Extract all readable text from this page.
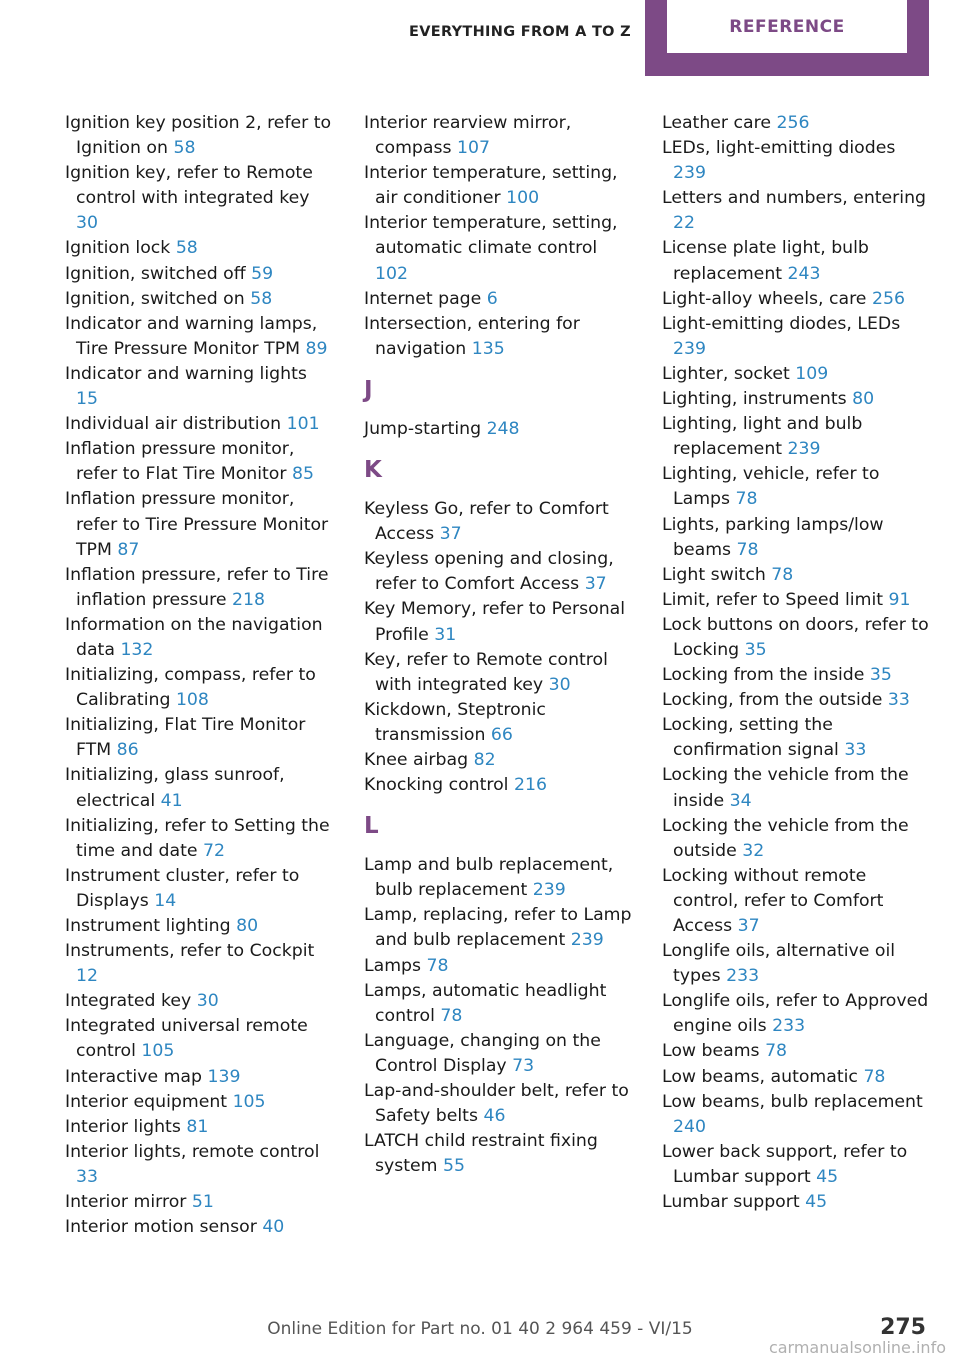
EVERYTHING FROM A TO Z	REFERENCE
Ignition key position 2, refer to Ignition on 58
Ignition key, refer to Remote control with integrated key 30
Ignition lock 58
Ignition, switched off 59
Ignition, switched on 58
Indicator and warning lamps, Tire Pressure Monitor TPM 89
Indicator and warning lights 15
Individual air distribution 101
Inflation pressure monitor, refer to Flat Tire Monitor 85
Inflation pressure monitor, refer to Tire Pressure Monitor TPM 87
Inflation pressure, refer to Tire inflation pressure 218
Information on the navigation data 132
Initializing, compass, refer to Calibrating 108
Initializing, Flat Tire Monitor FTM 86
Initializing, glass sunroof, electrical 41
Initializing, refer to Setting the time and date 72
Instrument cluster, refer to Displays 14
Instrument lighting 80
Instruments, refer to Cockpit 12
Integrated key 30
Integrated universal remote control 105
Interactive map 139
Interior equipment 105
Interior lights 81
Interior lights, remote control 33
Interior mirror 51
Interior motion sensor 40
Interior rearview mirror, compass 107
Interior temperature, setting, air conditioner 100
Interior temperature, setting, automatic climate control 102
Internet page 6
Intersection, entering for navigation 135
J
Jump-starting 248
K
Keyless Go, refer to Comfort Access 37
Keyless opening and closing, refer to Comfort Access 37
Key Memory, refer to Personal Profile 31
Key, refer to Remote control with integrated key 30
Kickdown, Steptronic transmission 66
Knee airbag 82
Knocking control 216
L
Lamp and bulb replacement, bulb replacement 239
Lamp, replacing, refer to Lamp and bulb replacement 239
Lamps 78
Lamps, automatic headlight control 78
Language, changing on the Control Display 73
Lap-and-shoulder belt, refer to Safety belts 46
LATCH child restraint fixing system 55
Leather care 256
LEDs, light-emitting diodes 239
Letters and numbers, entering 22
License plate light, bulb replacement 243
Light-alloy wheels, care 256
Light-emitting diodes, LEDs 239
Lighter, socket 109
Lighting, instruments 80
Lighting, light and bulb replacement 239
Lighting, vehicle, refer to Lamps 78
Lights, parking lamps/low beams 78
Light switch 78
Limit, refer to Speed limit 91
Lock buttons on doors, refer to Locking 35
Locking from the inside 35
Locking, from the outside 33
Locking, setting the confirmation signal 33
Locking the vehicle from the inside 34
Locking the vehicle from the outside 32
Locking without remote control, refer to Comfort Access 37
Longlife oils, alternative oil types 233
Longlife oils, refer to Approved engine oils 233
Low beams 78
Low beams, automatic 78
Low beams, bulb replacement 240
Lower back support, refer to Lumbar support 45
Lumbar support 45
Online Edition for Part no. 01 40 2 964 459 - VI/15	275
carmanualsonline.info
